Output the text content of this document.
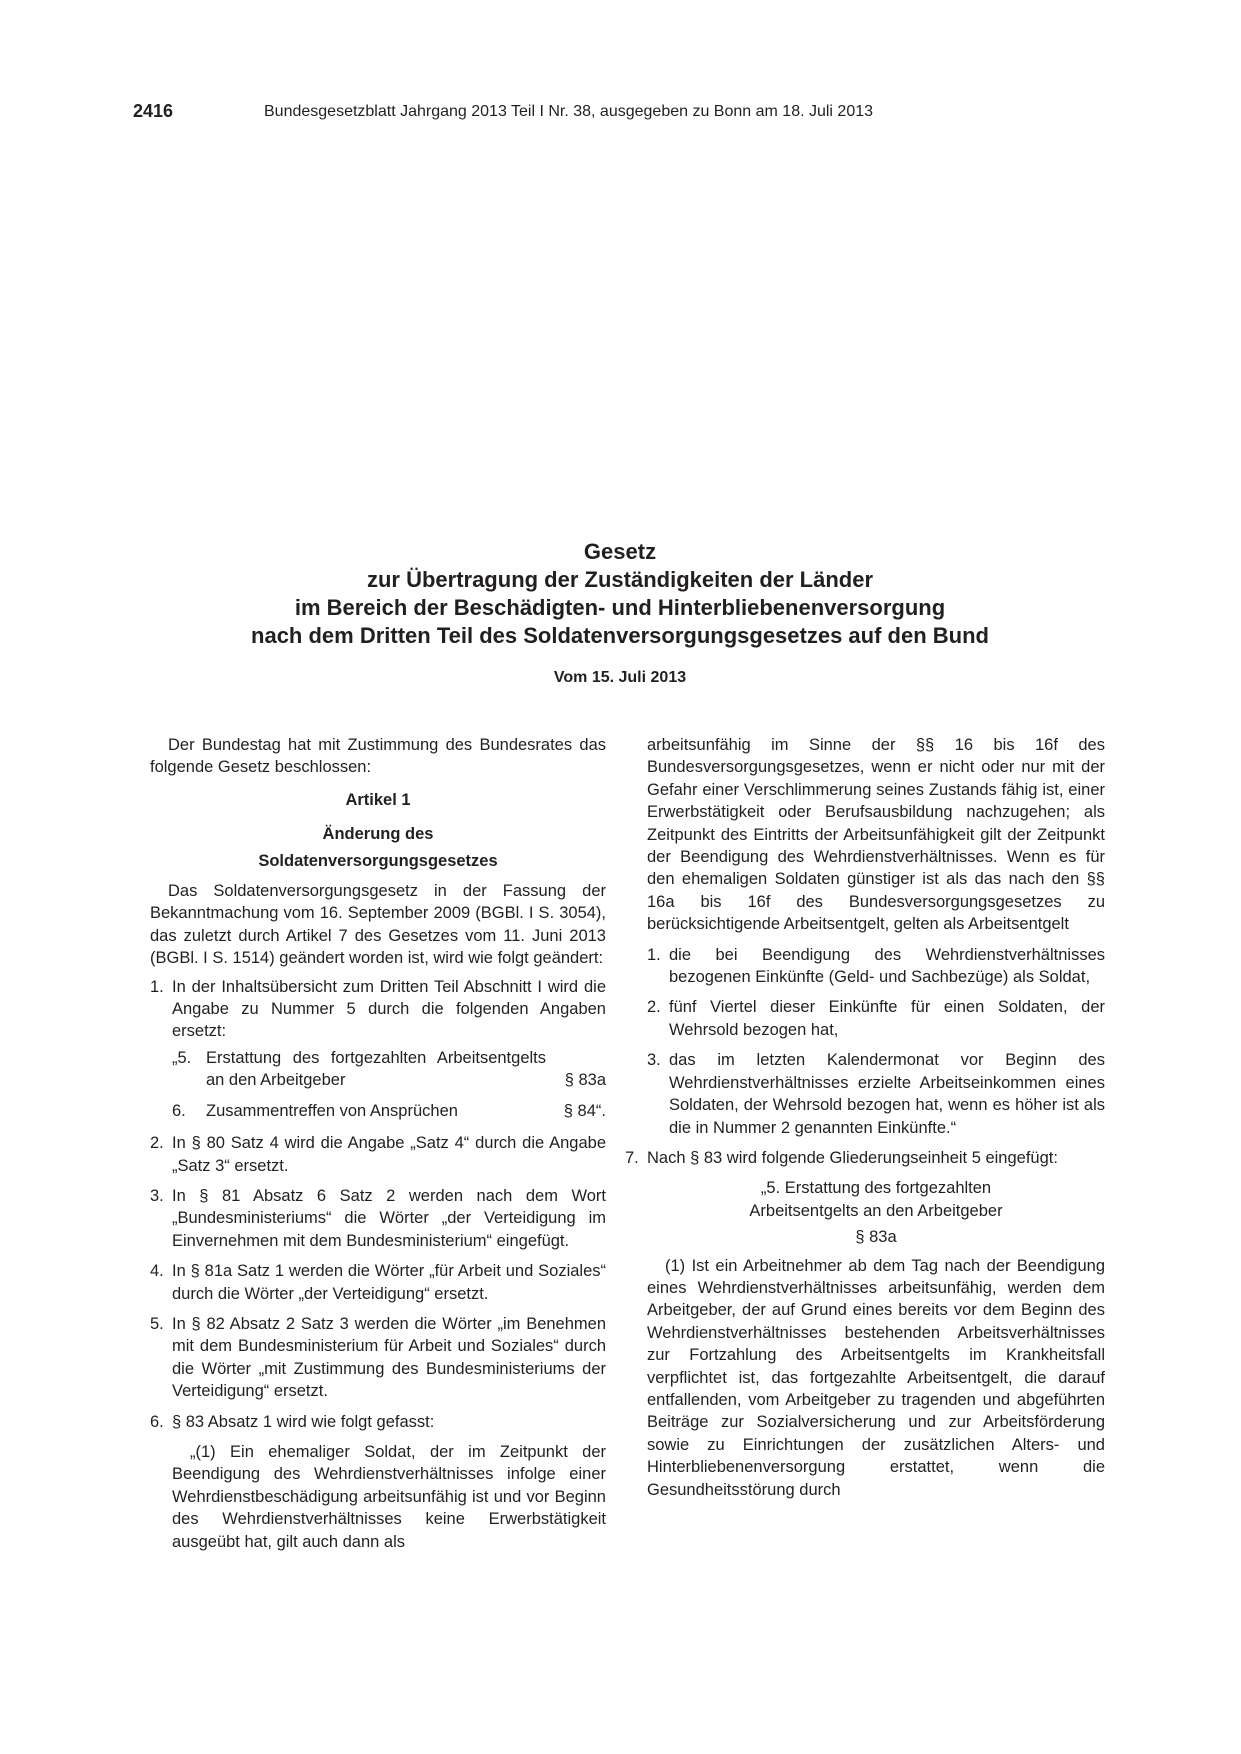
2416	Bundesgesetzblatt Jahrgang 2013 Teil I Nr. 38, ausgegeben zu Bonn am 18. Juli 2013
Gesetz
zur Übertragung der Zuständigkeiten der Länder
im Bereich der Beschädigten- und Hinterbliebenenversorgung
nach dem Dritten Teil des Soldatenversorgungsgesetzes auf den Bund
Vom 15. Juli 2013

Der Bundestag hat mit Zustimmung des Bundesrates das folgende Gesetz beschlossen:

Artikel 1
Änderung des
Soldatenversorgungsgesetzes

Das Soldatenversorgungsgesetz in der Fassung der Bekanntmachung vom 16. September 2009 (BGBl. I S. 3054), das zuletzt durch Artikel 7 des Gesetzes vom 11. Juni 2013 (BGBl. I S. 1514) geändert worden ist, wird wie folgt geändert:

1. In der Inhaltsübersicht zum Dritten Teil Abschnitt I wird die Angabe zu Nummer 5 durch die folgenden Angaben ersetzt:
„5. Erstattung des fortgezahlten Arbeitsentgelts an den Arbeitgeber	§ 83a
6. Zusammentreffen von Ansprüchen	§ 84“.
2. In § 80 Satz 4 wird die Angabe „Satz 4“ durch die Angabe „Satz 3“ ersetzt.
3. In § 81 Absatz 6 Satz 2 werden nach dem Wort „Bundesministeriums“ die Wörter „der Verteidigung im Einvernehmen mit dem Bundesministerium“ eingefügt.
4. In § 81a Satz 1 werden die Wörter „für Arbeit und Soziales“ durch die Wörter „der Verteidigung“ ersetzt.
5. In § 82 Absatz 2 Satz 3 werden die Wörter „im Benehmen mit dem Bundesministerium für Arbeit und Soziales“ durch die Wörter „mit Zustimmung des Bundesministeriums der Verteidigung“ ersetzt.
6. § 83 Absatz 1 wird wie folgt gefasst:

„(1) Ein ehemaliger Soldat, der im Zeitpunkt der Beendigung des Wehrdienstverhältnisses infolge einer Wehrdienstbeschädigung arbeitsunfähig ist und vor Beginn des Wehrdienstverhältnisses keine Erwerbstätigkeit ausgeübt hat, gilt auch dann als

arbeitsunfähig im Sinne der §§ 16 bis 16f des Bundesversorgungsgesetzes, wenn er nicht oder nur mit der Gefahr einer Verschlimmerung seines Zustands fähig ist, einer Erwerbstätigkeit oder Berufsausbildung nachzugehen; als Zeitpunkt des Eintritts der Arbeitsunfähigkeit gilt der Zeitpunkt der Beendigung des Wehrdienstverhältnisses. Wenn es für den ehemaligen Soldaten günstiger ist als das nach den §§ 16a bis 16f des Bundesversorgungsgesetzes zu berücksichtigende Arbeitsentgelt, gelten als Arbeitsentgelt

1. die bei Beendigung des Wehrdienstverhältnisses bezogenen Einkünfte (Geld- und Sachbezüge) als Soldat,
2. fünf Viertel dieser Einkünfte für einen Soldaten, der Wehrsold bezogen hat,
3. das im letzten Kalendermonat vor Beginn des Wehrdienstverhältnisses erzielte Arbeitseinkommen eines Soldaten, der Wehrsold bezogen hat, wenn es höher ist als die in Nummer 2 genannten Einkünfte.“
7. Nach § 83 wird folgende Gliederungseinheit 5 eingefügt:
„5. Erstattung des fortgezahlten
Arbeitsentgelts an den Arbeitgeber
§ 83a

(1) Ist ein Arbeitnehmer ab dem Tag nach der Beendigung eines Wehrdienstverhältnisses arbeitsunfähig, werden dem Arbeitgeber, der auf Grund eines bereits vor dem Beginn des Wehrdienstverhältnisses bestehenden Arbeitsverhältnisses zur Fortzahlung des Arbeitsentgelts im Krankheitsfall verpflichtet ist, das fortgezahlte Arbeitsentgelt, die darauf entfallenden, vom Arbeitgeber zu tragenden und abgeführten Beiträge zur Sozialversicherung und zur Arbeitsförderung sowie zu Einrichtungen der zusätzlichen Alters- und Hinterbliebenenversorgung erstattet, wenn die Gesundheitsstörung durch
